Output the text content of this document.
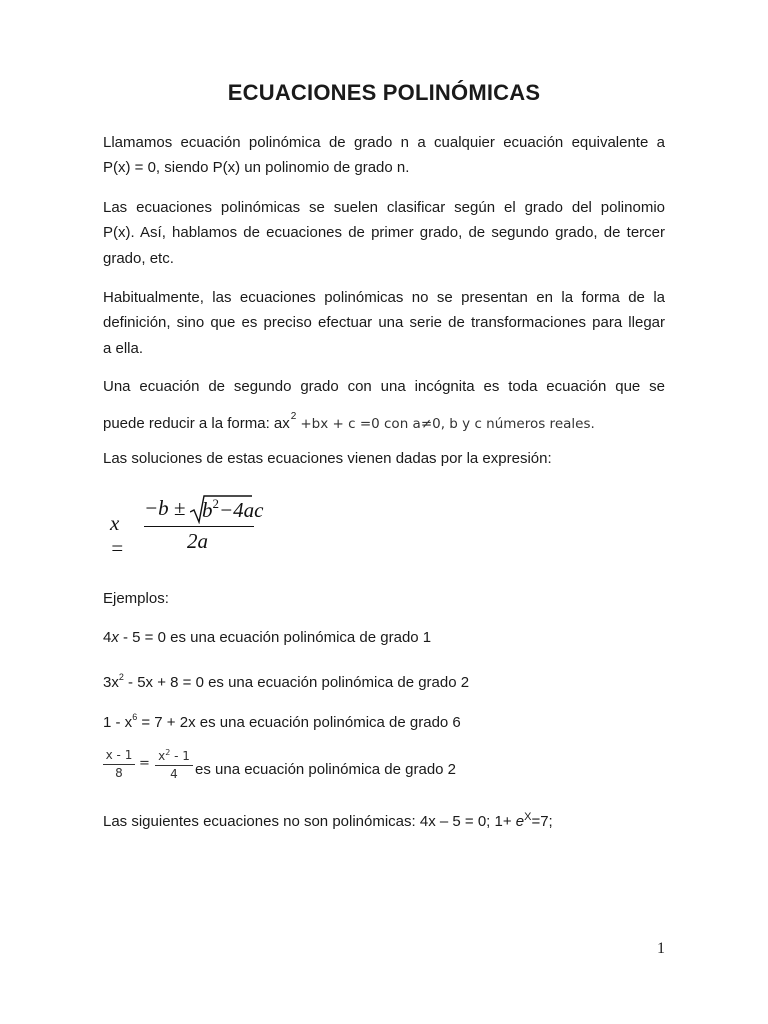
ECUACIONES POLINÓMICAS

Llamamos ecuación polinómica de grado n a cualquier ecuación equivalente a

P(x) = 0, siendo P(x) un polinomio de grado n.

Las ecuaciones polinómicas se suelen clasificar según el grado del polinomio

P(x). Así, hablamos de ecuaciones de primer grado, de segundo grado, de tercer

grado, etc.

Habitualmente, las ecuaciones polinómicas no se presentan en la forma de la

definición, sino que es preciso efectuar una serie de transformaciones para llegar

a ella.

Una ecuación de segundo grado con una incógnita es toda ecuación que se

puede reducir a la forma: $ax^2 +bx + c =0$ con a≠0, b y c números reales.

Las soluciones de estas ecuaciones vienen dadas por la expresión:

x =
$-b \pm b^2-4ac$
2a

Ejemplos:

4x - 5 = 0 es una ecuación polinómica de grado 1

$3x^2 - 5x + 8 = 0$ es una ecuación polinómica de grado 2

$1 - x^6 = 7 + 2x$ es una ecuación polinómica de grado 6

x - 1
8
= $x^2 - 1$
4	es una ecuación polinómica de grado 2

Las siguientes ecuaciones no son polinómicas: 4x – 5 = 0; $1+ e^X=7$;

1
